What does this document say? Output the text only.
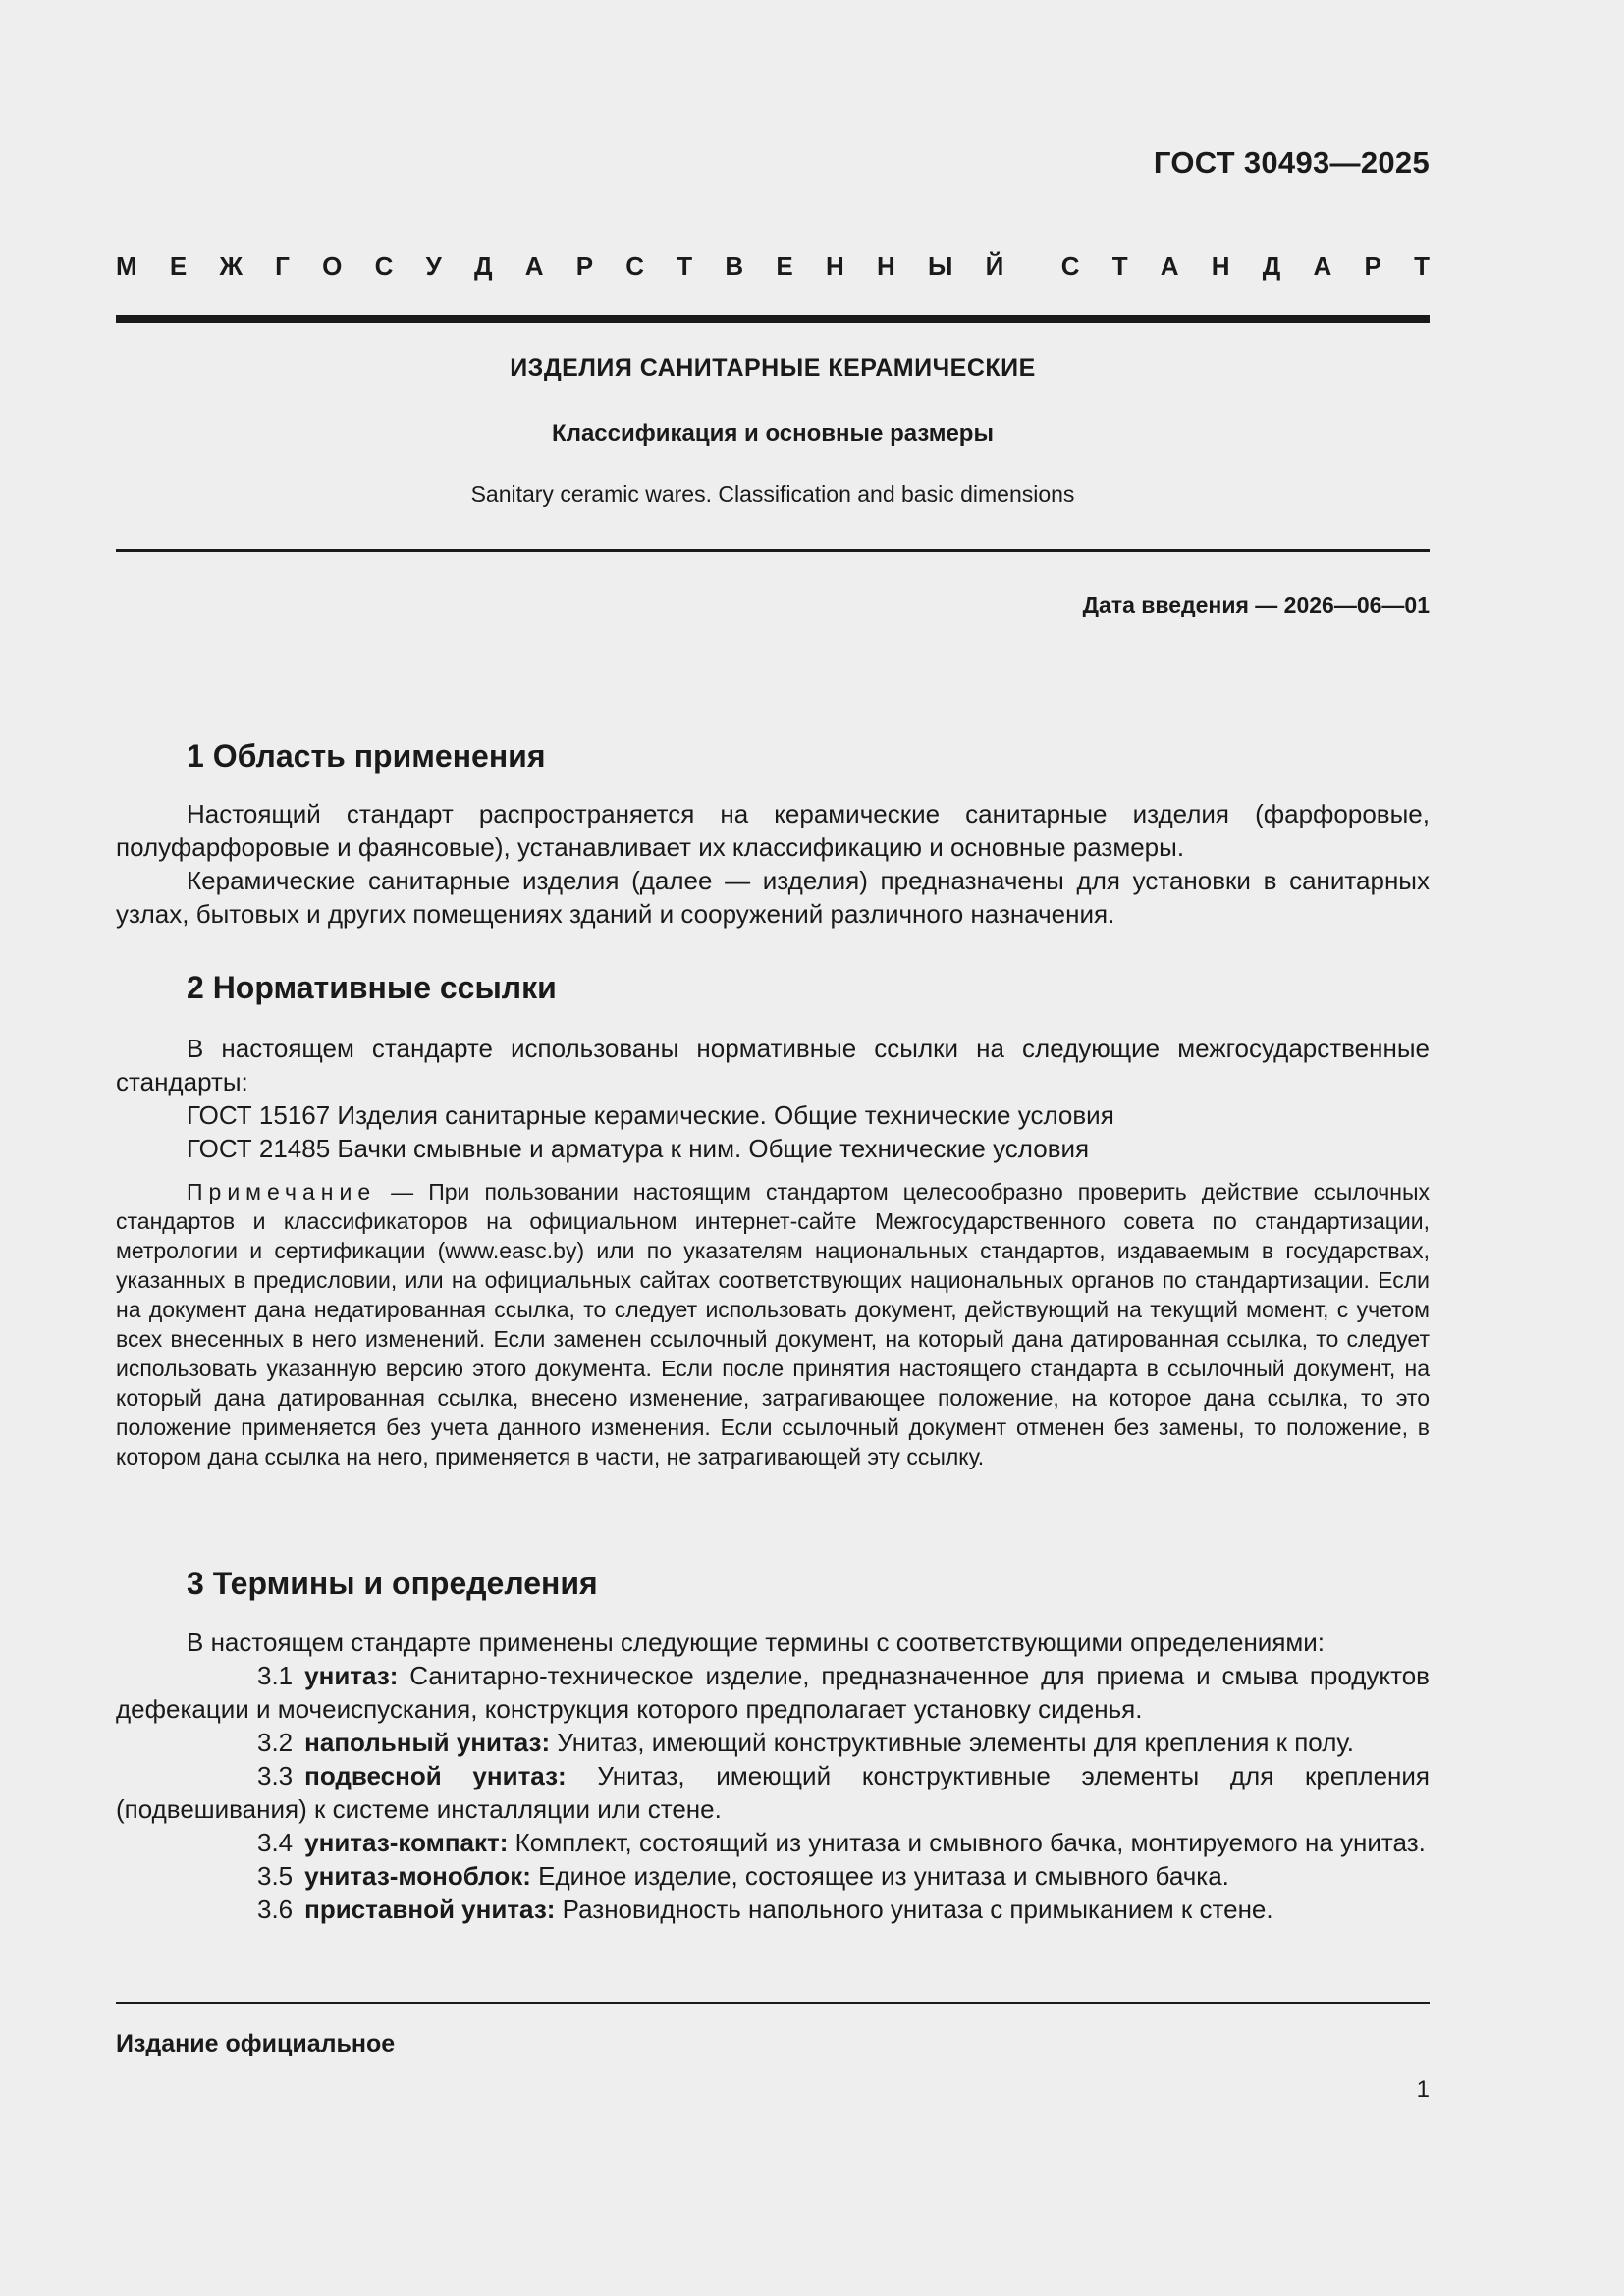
ГОСТ 30493—2025
М Е Ж Г О С У Д А Р С Т В Е Н Н Ы Й С Т А Н Д А Р Т
ИЗДЕЛИЯ САНИТАРНЫЕ КЕРАМИЧЕСКИЕ
Классификация и основные размеры
Sanitary ceramic wares. Classification and basic dimensions
Дата введения — 2026—06—01
1 Область применения

Настоящий стандарт распространяется на керамические санитарные изделия (фарфоровые, полуфарфоровые и фаянсовые), устанавливает их классификацию и основные размеры.

Керамические санитарные изделия (далее — изделия) предназначены для установки в санитарных узлах, бытовых и других помещениях зданий и сооружений различного назначения.

2 Нормативные ссылки

В настоящем стандарте использованы нормативные ссылки на следующие межгосударственные стандарты:

ГОСТ 15167 Изделия санитарные керамические. Общие технические условия

ГОСТ 21485 Бачки смывные и арматура к ним. Общие технические условия

Примечание — При пользовании настоящим стандартом целесообразно проверить действие ссылочных стандартов и классификаторов на официальном интернет-сайте Межгосударственного совета по стандартизации, метрологии и сертификации (www.easc.by) или по указателям национальных стандартов, издаваемым в государствах, указанных в предисловии, или на официальных сайтах соответствующих национальных органов по стандартизации. Если на документ дана недатированная ссылка, то следует использовать документ, действующий на текущий момент, с учетом всех внесенных в него изменений. Если заменен ссылочный документ, на который дана датированная ссылка, то следует использовать указанную версию этого документа. Если после принятия настоящего стандарта в ссылочный документ, на который дана датированная ссылка, внесено изменение, затрагивающее положение, на которое дана ссылка, то это положение применяется без учета данного изменения. Если ссылочный документ отменен без замены, то положение, в котором дана ссылка на него, применяется в части, не затрагивающей эту ссылку.

3 Термины и определения

В настоящем стандарте применены следующие термины с соответствующими определениями:

3.1 унитаз: Санитарно-техническое изделие, предназначенное для приема и смыва продуктов дефекации и мочеиспускания, конструкция которого предполагает установку сиденья.

3.2 напольный унитаз: Унитаз, имеющий конструктивные элементы для крепления к полу.

3.3 подвесной унитаз: Унитаз, имеющий конструктивные элементы для крепления (подвешивания) к системе инсталляции или стене.

3.4 унитаз-компакт: Комплект, состоящий из унитаза и смывного бачка, монтируемого на унитаз.

3.5 унитаз-моноблок: Единое изделие, состоящее из унитаза и смывного бачка.

3.6 приставной унитаз: Разновидность напольного унитаза с примыканием к стене.

Издание официальное
1
